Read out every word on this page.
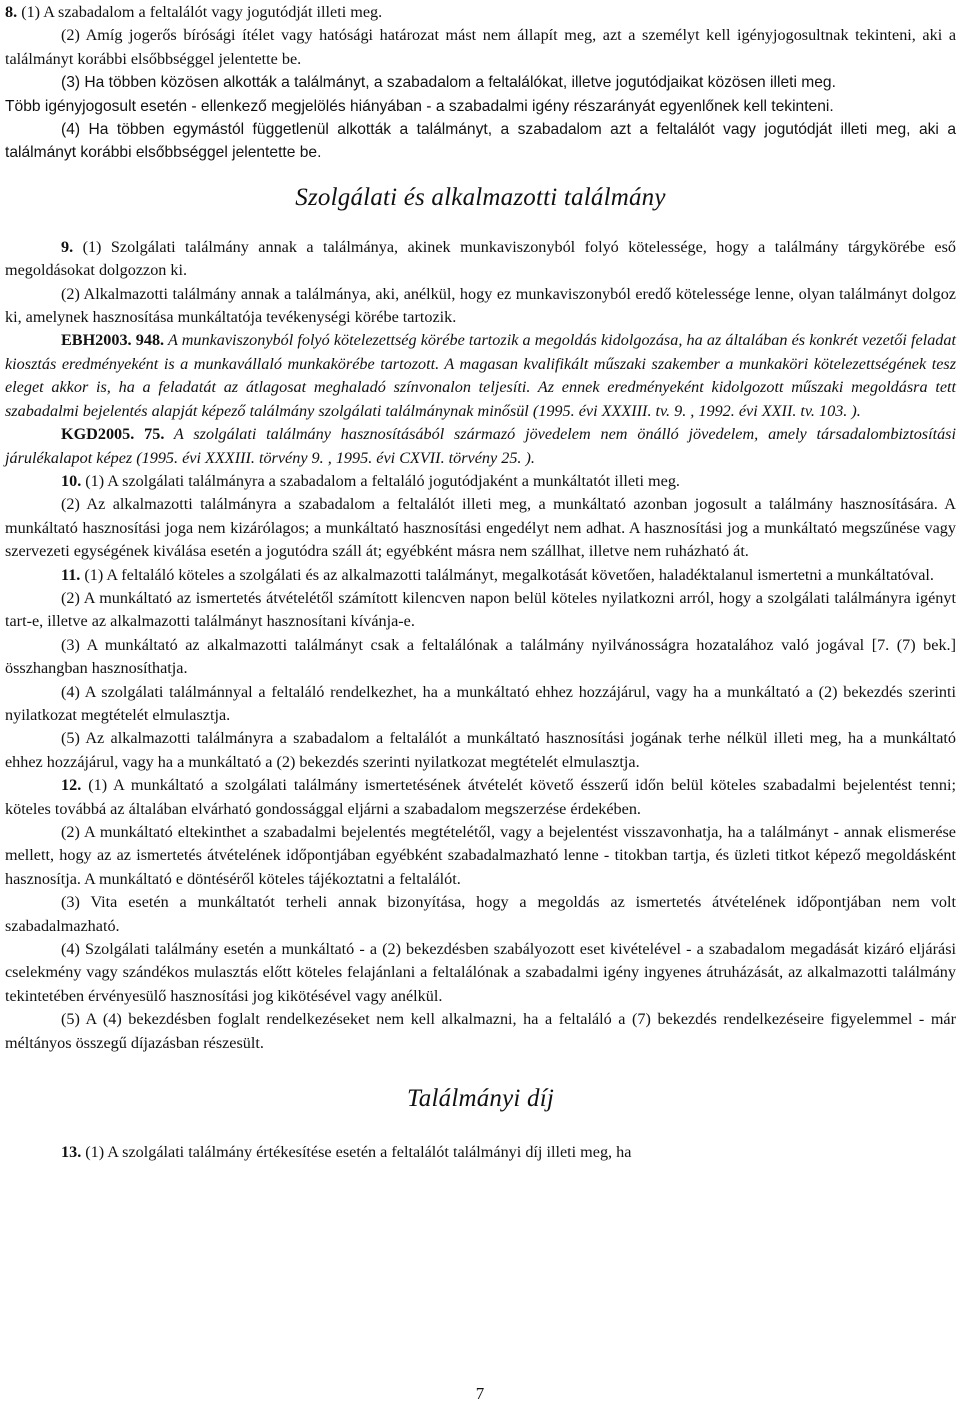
8. (1) A szabadalom a feltalálót vagy jogutódját illeti meg.

(2) Amíg jogerős bírósági ítélet vagy hatósági határozat mást nem állapít meg, azt a személyt kell igényjogosultnak tekinteni, aki a találmányt korábbi elsőbbséggel jelentette be.

(3) Ha többen közösen alkották a találmányt, a szabadalom a feltalálókat, illetve jogutódjaikat közösen illeti meg.

Több igényjogosult esetén - ellenkező megjelölés hiányában - a szabadalmi igény részarányát egyenlőnek kell tekinteni.

(4) Ha többen egymástól függetlenül alkották a találmányt, a szabadalom azt a feltalálót vagy jogutódját illeti meg, aki a találmányt korábbi elsőbbséggel jelentette be.

Szolgálati és alkalmazotti találmány

9. (1) Szolgálati találmány annak a találmánya, akinek munkaviszonyból folyó kötelessége, hogy a találmány tárgykörébe eső megoldásokat dolgozzon ki.

(2) Alkalmazotti találmány annak a találmánya, aki, anélkül, hogy ez munkaviszonyból eredő kötelessége lenne, olyan találmányt dolgoz ki, amelynek hasznosítása munkáltatója tevékenységi körébe tartozik.

EBH2003. 948. A munkaviszonyból folyó kötelezettség körébe tartozik a megoldás kidolgozása, ha az általában és konkrét vezetői feladat kiosztás eredményeként is a munkavállaló munkakörébe tartozott. A magasan kvalifikált műszaki szakember a munkaköri kötelezettségének tesz eleget akkor is, ha a feladatát az átlagosat meghaladó színvonalon teljesíti. Az ennek eredményeként kidolgozott műszaki megoldásra tett szabadalmi bejelentés alapját képező találmány szolgálati találmánynak minősül (1995. évi XXXIII. tv. 9. , 1992. évi XXII. tv. 103. ).

KGD2005. 75. A szolgálati találmány hasznosításából származó jövedelem nem önálló jövedelem, amely társadalombiztosítási járulékalapot képez (1995. évi XXXIII. törvény 9. , 1995. évi CXVII. törvény 25. ).

10. (1) A szolgálati találmányra a szabadalom a feltaláló jogutódjaként a munkáltatót illeti meg.

(2) Az alkalmazotti találmányra a szabadalom a feltalálót illeti meg, a munkáltató azonban jogosult a találmány hasznosítására. A munkáltató hasznosítási joga nem kizárólagos; a munkáltató hasznosítási engedélyt nem adhat. A hasznosítási jog a munkáltató megszűnése vagy szervezeti egységének kiválása esetén a jogutódra száll át; egyébként másra nem szállhat, illetve nem ruházható át.

11. (1) A feltaláló köteles a szolgálati és az alkalmazotti találmányt, megalkotását követően, haladéktalanul ismertetni a munkáltatóval.

(2) A munkáltató az ismertetés átvételétől számított kilencven napon belül köteles nyilatkozni arról, hogy a szolgálati találmányra igényt tart-e, illetve az alkalmazotti találmányt hasznosítani kívánja-e.

(3) A munkáltató az alkalmazotti találmányt csak a feltalálónak a találmány nyilvánosságra hozatalához való jogával [7. (7) bek.] összhangban hasznosíthatja.

(4) A szolgálati találmánnyal a feltaláló rendelkezhet, ha a munkáltató ehhez hozzájárul, vagy ha a munkáltató a (2) bekezdés szerinti nyilatkozat megtételét elmulasztja.

(5) Az alkalmazotti találmányra a szabadalom a feltalálót a munkáltató hasznosítási jogának terhe nélkül illeti meg, ha a munkáltató ehhez hozzájárul, vagy ha a munkáltató a (2) bekezdés szerinti nyilatkozat megtételét elmulasztja.

12. (1) A munkáltató a szolgálati találmány ismertetésének átvételét követő ésszerű időn belül köteles szabadalmi bejelentést tenni; köteles továbbá az általában elvárható gondossággal eljárni a szabadalom megszerzése érdekében.

(2) A munkáltató eltekinthet a szabadalmi bejelentés megtételétől, vagy a bejelentést visszavonhatja, ha a találmányt - annak elismerése mellett, hogy az az ismertetés átvételének időpontjában egyébként szabadalmazható lenne - titokban tartja, és üzleti titkot képező megoldásként hasznosítja. A munkáltató e döntéséről köteles tájékoztatni a feltalálót.

(3) Vita esetén a munkáltatót terheli annak bizonyítása, hogy a megoldás az ismertetés átvételének időpontjában nem volt szabadalmazható.

(4) Szolgálati találmány esetén a munkáltató - a (2) bekezdésben szabályozott eset kivételével - a szabadalom megadását kizáró eljárási cselekmény vagy szándékos mulasztás előtt köteles felajánlani a feltalálónak a szabadalmi igény ingyenes átruházását, az alkalmazotti találmány tekintetében érvényesülő hasznosítási jog kikötésével vagy anélkül.

(5) A (4) bekezdésben foglalt rendelkezéseket nem kell alkalmazni, ha a feltaláló a (7) bekezdés rendelkezéseire figyelemmel - már méltányos összegű díjazásban részesült.

Találmányi díj

13. (1) A szolgálati találmány értékesítése esetén a feltalálót találmányi díj illeti meg, ha

7
